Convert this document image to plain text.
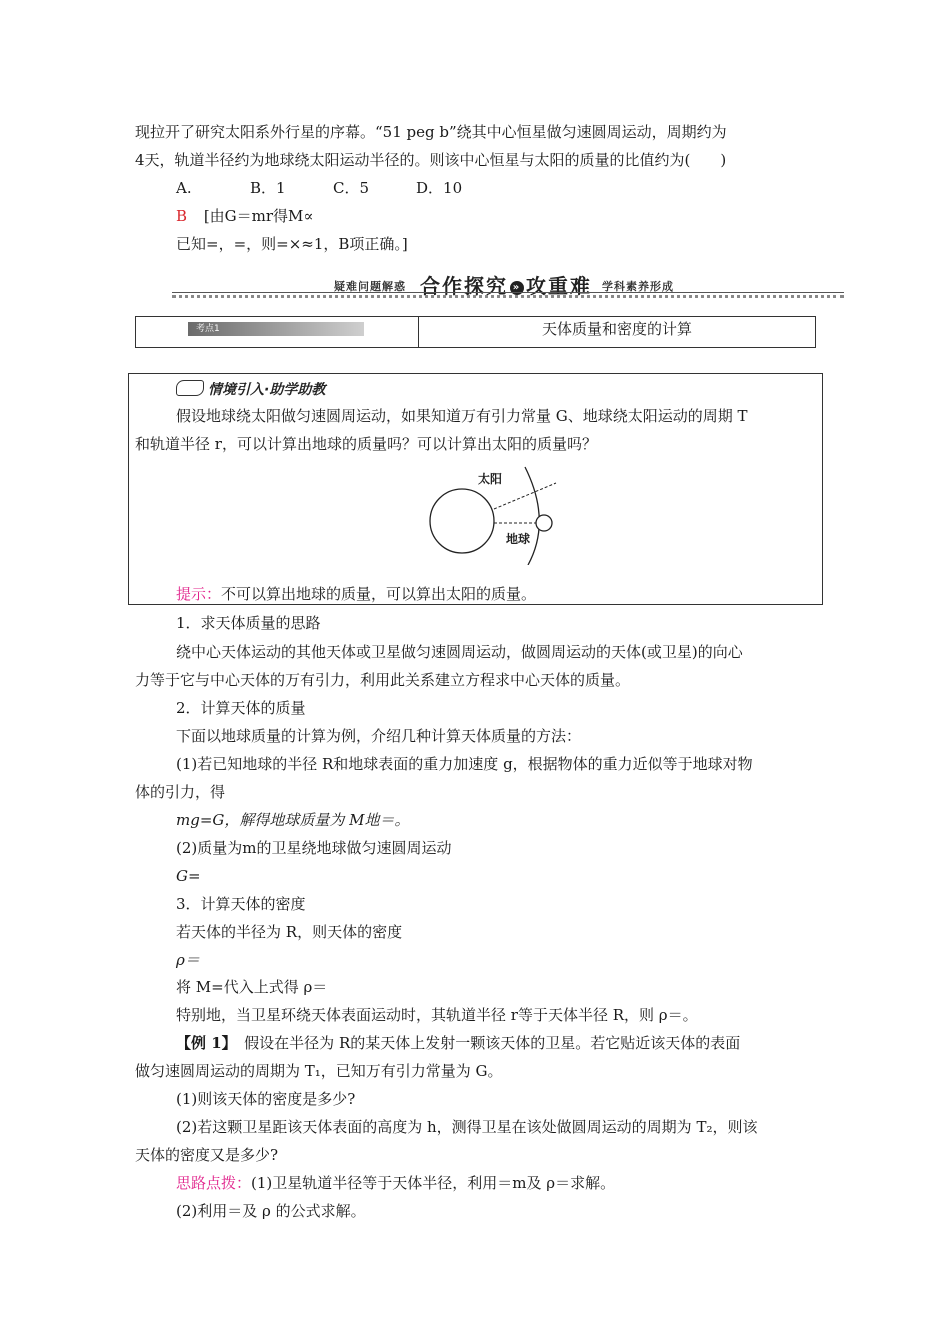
现拉开了研究太阳系外行星的序幕。“51 peg b”绕其中心恒星做匀速圆周运动，周期约为
4天，轨道半径约为地球绕太阳运动半径的。则该中心恒星与太阳的质量的比值约为(　　)
A.	B．1	C．5	D．10
B [由G＝mr得M∝
已知=，=，则=×≈1，B项正确。]
疑难问题解惑 合作探究 » 攻重难 学科素养形成
考点1	天体质量和密度的计算
情境引入·助学助教
假设地球绕太阳做匀速圆周运动，如果知道万有引力常量 G、地球绕太阳运动的周期 T
和轨道半径 r，可以计算出地球的质量吗？可以计算出太阳的质量吗？
太阳
地球
提示：不可以算出地球的质量，可以算出太阳的质量。
1．求天体质量的思路
绕中心天体运动的其他天体或卫星做匀速圆周运动，做圆周运动的天体(或卫星)的向心
力等于它与中心天体的万有引力，利用此关系建立方程求中心天体的质量。
2．计算天体的质量
下面以地球质量的计算为例，介绍几种计算天体质量的方法：
(1)若已知地球的半径 R和地球表面的重力加速度 g，根据物体的重力近似等于地球对物
体的引力，得
mg=G，解得地球质量为 M地＝。
(2)质量为m的卫星绕地球做匀速圆周运动
G=
3．计算天体的密度
若天体的半径为 R，则天体的密度
ρ＝
将 M=代入上式得 ρ＝
特别地，当卫星环绕天体表面运动时，其轨道半径 r等于天体半径 R，则 ρ＝。
【例 1】　假设在半径为 R的某天体上发射一颗该天体的卫星。若它贴近该天体的表面
做匀速圆周运动的周期为 T₁，已知万有引力常量为 G。
(1)则该天体的密度是多少?
(2)若这颗卫星距该天体表面的高度为 h，测得卫星在该处做圆周运动的周期为 T₂，则该
天体的密度又是多少?
思路点拨：(1)卫星轨道半径等于天体半径，利用＝m及 ρ＝求解。
(2)利用＝及 ρ 的公式求解。
